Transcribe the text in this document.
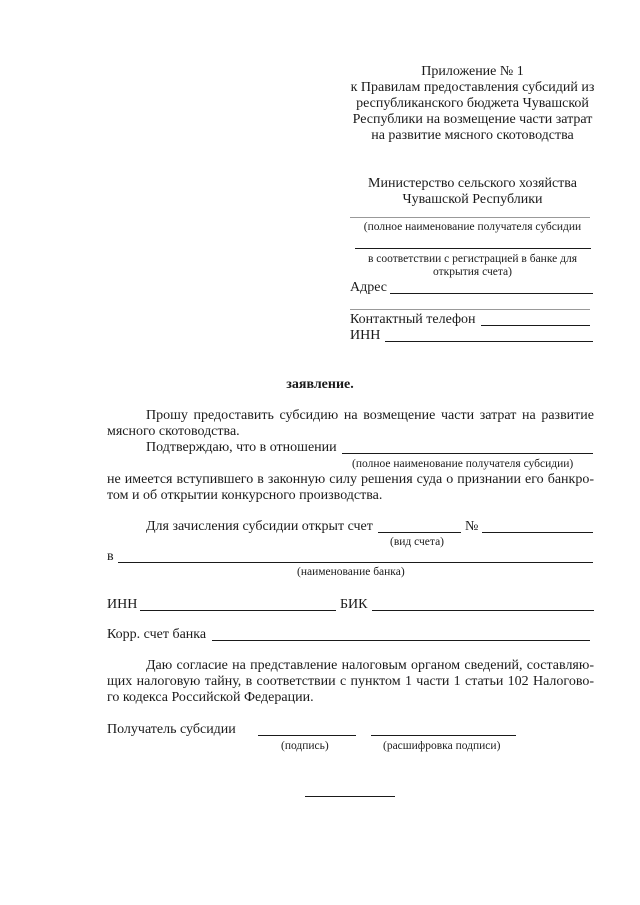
Приложение № 1
к Правилам предоставления субсидий из
республиканского бюджета Чувашской
Республики на возмещение части затрат
на развитие мясного скотоводства
Министерство сельского хозяйства
Чувашской Республики
(полное наименование получателя субсидии
в соответствии с регистрацией в банке для
открытия счета)
Адрес
Контактный телефон
ИНН
заявление.
Прошу предоставить субсидию на возмещение части затрат на развитие
мясного скотоводства.
Подтверждаю, что в отношении
(полное наименование получателя субсидии)
не имеется вступившего в законную силу решения суда о признании его банкро-
том и об открытии конкурсного производства.
Для зачисления субсидии открыт счет	№
(вид счета)
в
(наименование банка)
ИНН	БИК
Корр. счет банка
Даю согласие на представление налоговым органом сведений, составляю-
щих налоговую тайну, в соответствии с пунктом 1 части 1 статьи 102 Налогово-
го кодекса Российской Федерации.
Получатель субсидии
(подпись)	(расшифровка подписи)
